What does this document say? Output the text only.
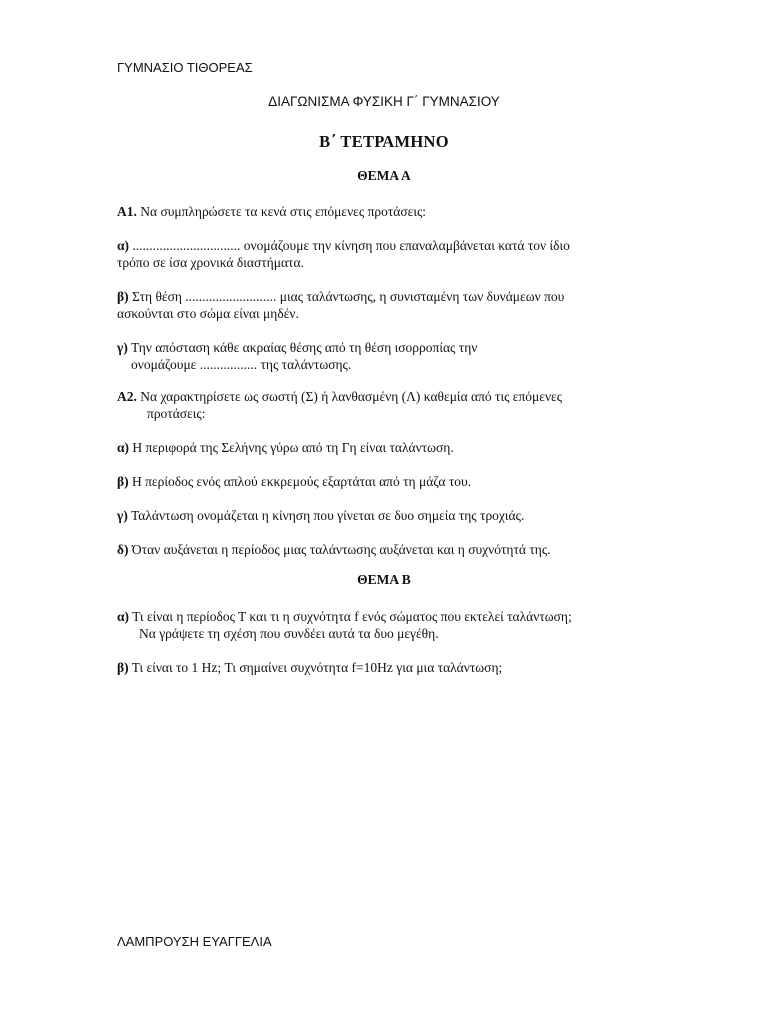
ΓΥΜΝΑΣΙΟ ΤΙΘΟΡΕΑΣ
ΔΙΑΓΩΝΙΣΜΑ ΦΥΣΙΚΗ Γ΄ ΓΥΜΝΑΣΙΟΥ
Β΄ ΤΕΤΡΑΜΗΝΟ
ΘΕΜΑ Α
Α1. Να συμπληρώσετε τα κενά στις επόμενες προτάσεις:
α) ................................ ονομάζουμε την κίνηση που επαναλαμβάνεται κατά τον ίδιο
τρόπο σε ίσα χρονικά διαστήματα.
β) Στη θέση ........................... μιας ταλάντωσης, η συνισταμένη των δυνάμεων που
ασκούνται στο σώμα είναι μηδέν.
γ) Την απόσταση κάθε ακραίας θέσης από τη θέση ισορροπίας την
ονομάζουμε ................. της ταλάντωσης.
Α2. Να χαρακτηρίσετε ως σωστή (Σ) ή λανθασμένη (Λ) καθεμία από τις επόμενες
προτάσεις:
α) Η περιφορά της Σελήνης γύρω από τη Γη είναι ταλάντωση.
β) Η περίοδος ενός απλού εκκρεμούς εξαρτάται από τη μάζα του.
γ) Ταλάντωση ονομάζεται η κίνηση που γίνεται σε δυο σημεία της τροχιάς.
δ) Όταν αυξάνεται η περίοδος μιας ταλάντωσης αυξάνεται και η συχνότητά της.
ΘΕΜΑ Β
α) Τι είναι η περίοδος Τ και τι η συχνότητα f ενός σώματος που εκτελεί ταλάντωση;
Να γράψετε τη σχέση που συνδέει αυτά τα δυο μεγέθη.
β) Τι είναι το 1 Hz; Τι σημαίνει συχνότητα f=10Hz για μια ταλάντωση;
ΛΑΜΠΡΟΥΣΗ ΕΥΑΓΓΕΛΙΑ
